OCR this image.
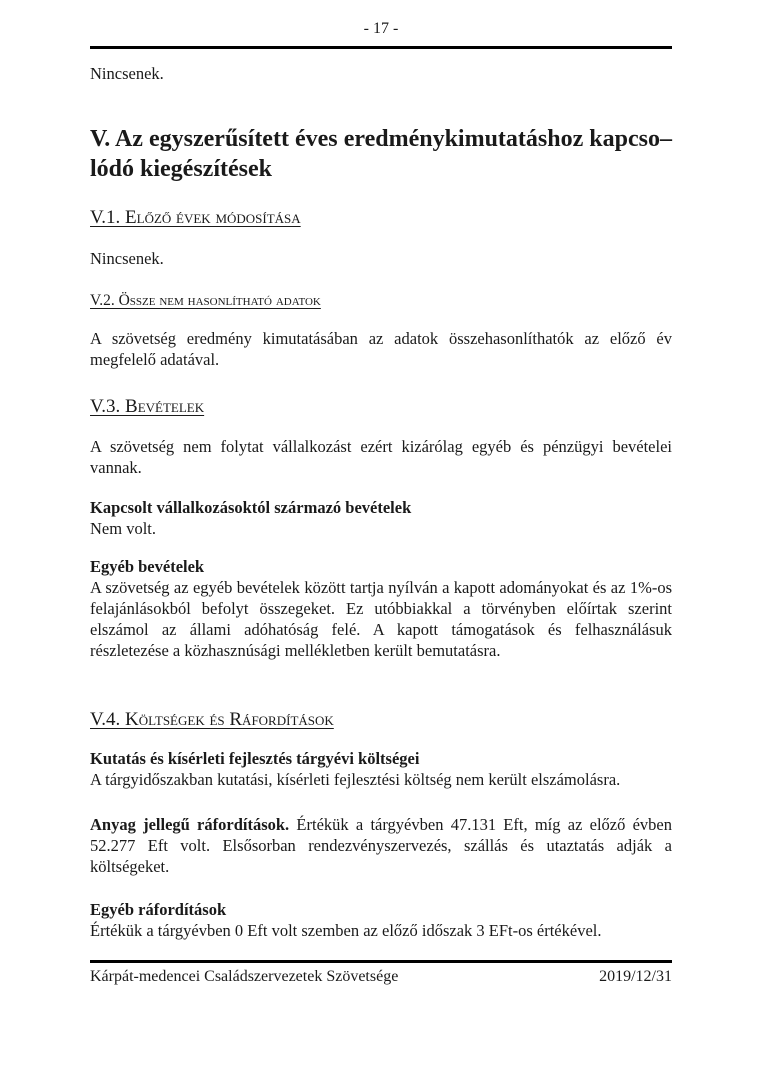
- 17 -

Nincsenek.

V. Az egyszerűsített éves eredménykimutatáshoz kapcso–
lódó kiegészítések
V.1. Előző évek módosítása

Nincsenek.

V.2. Össze nem hasonlítható adatok

A szövetség eredmény kimutatásában az adatok összehasonlíthatók az előző év megfelelő adatával.

V.3. Bevételek

A szövetség nem folytat vállalkozást ezért kizárólag egyéb és pénzügyi bevételei vannak.

Kapcsolt vállalkozásoktól származó bevételek

Nem volt.

Egyéb bevételek

A szövetség az egyéb bevételek között tartja nyílván a kapott adományokat és az 1%-os felajánlásokból befolyt összegeket. Ez utóbbiakkal a törvényben előírtak szerint elszámol az állami adóhatóság felé. A kapott támogatások és felhasználásuk részletezése a közhasznúsági mellékletben került bemutatásra.

V.4. Költségek és Ráfordítások

Kutatás és kísérleti fejlesztés tárgyévi költségei

A tárgyidőszakban kutatási, kísérleti fejlesztési költség nem került elszámolásra.

Anyag jellegű ráfordítások. Értékük a tárgyévben 47.131 Eft, míg az előző évben 52.277 Eft volt. Elsősorban rendezvényszervezés, szállás és utaztatás adják a költségeket.

Egyéb ráfordítások

Értékük a tárgyévben 0 Eft volt szemben az előző időszak 3 EFt-os értékével.

Kárpát-medencei Családszervezetek Szövetsége	2019/12/31
